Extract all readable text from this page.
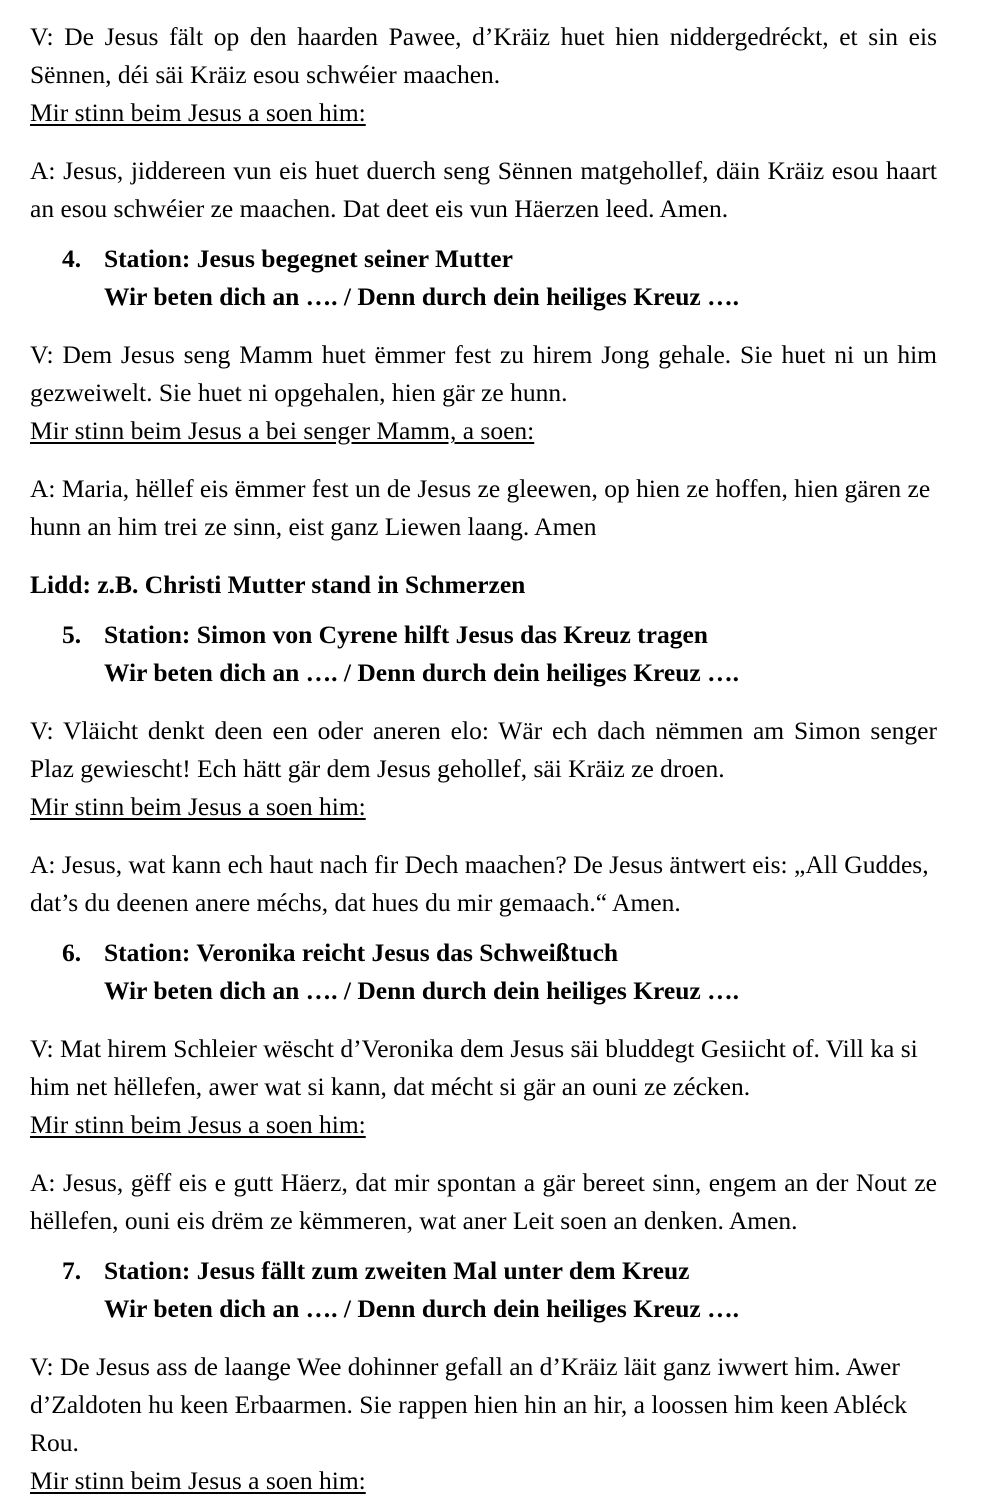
V: De Jesus fält op den haarden Pawee, d’Kräiz huet hien niddergedréckt, et sin eis Sënnen, déi säi Kräiz esou schwéier maachen.

Mir stinn beim Jesus a soen him:

A: Jesus, jiddereen vun eis huet duerch seng Sënnen matgehollef, däin Kräiz esou haart an esou schwéier ze maachen. Dat deet eis vun Häerzen leed. Amen.

4. Station: Jesus begegnet seiner Mutter
Wir beten dich an …. / Denn durch dein heiliges Kreuz ….

V: Dem Jesus seng Mamm huet ëmmer fest zu hirem Jong gehale. Sie huet ni un him gezweiwelt. Sie huet ni opgehalen, hien gär ze hunn.

Mir stinn beim Jesus a bei senger Mamm, a soen:

A: Maria, hëllef eis ëmmer fest un de Jesus ze gleewen, op hien ze hoffen, hien gären ze hunn an him trei ze sinn, eist ganz Liewen laang. Amen

Lidd: z.B. Christi Mutter stand in Schmerzen

5. Station: Simon von Cyrene hilft Jesus das Kreuz tragen
Wir beten dich an …. / Denn durch dein heiliges Kreuz ….

V: Vläicht denkt deen een oder aneren elo: Wär ech dach nëmmen am Simon senger Plaz gewiescht! Ech hätt gär dem Jesus gehollef, säi Kräiz ze droen.

Mir stinn beim Jesus a soen him:

A: Jesus, wat kann ech haut nach fir Dech maachen? De Jesus äntwert eis: „All Guddes, dat’s du deenen anere méchs, dat hues du mir gemaach.“ Amen.

6. Station: Veronika reicht Jesus das Schweißtuch
Wir beten dich an …. / Denn durch dein heiliges Kreuz ….

V: Mat hirem Schleier wëscht d’Veronika dem Jesus säi bluddegt Gesiicht of. Vill ka si him net hëllefen, awer wat si kann, dat mécht si gär an ouni ze zécken.

Mir stinn beim Jesus a soen him:

A: Jesus, gëff eis e gutt Häerz, dat mir spontan a gär bereet sinn, engem an der Nout ze hëllefen, ouni eis drëm ze këmmeren, wat aner Leit soen an denken. Amen.

7. Station: Jesus fällt zum zweiten Mal unter dem Kreuz
Wir beten dich an …. / Denn durch dein heiliges Kreuz ….

V: De Jesus ass de laange Wee dohinner gefall an d’Kräiz läit ganz iwwert him. Awer d’Zaldoten hu keen Erbaarmen. Sie rappen hien hin an hir, a loossen him keen Abléck Rou.

Mir stinn beim Jesus a soen him:
